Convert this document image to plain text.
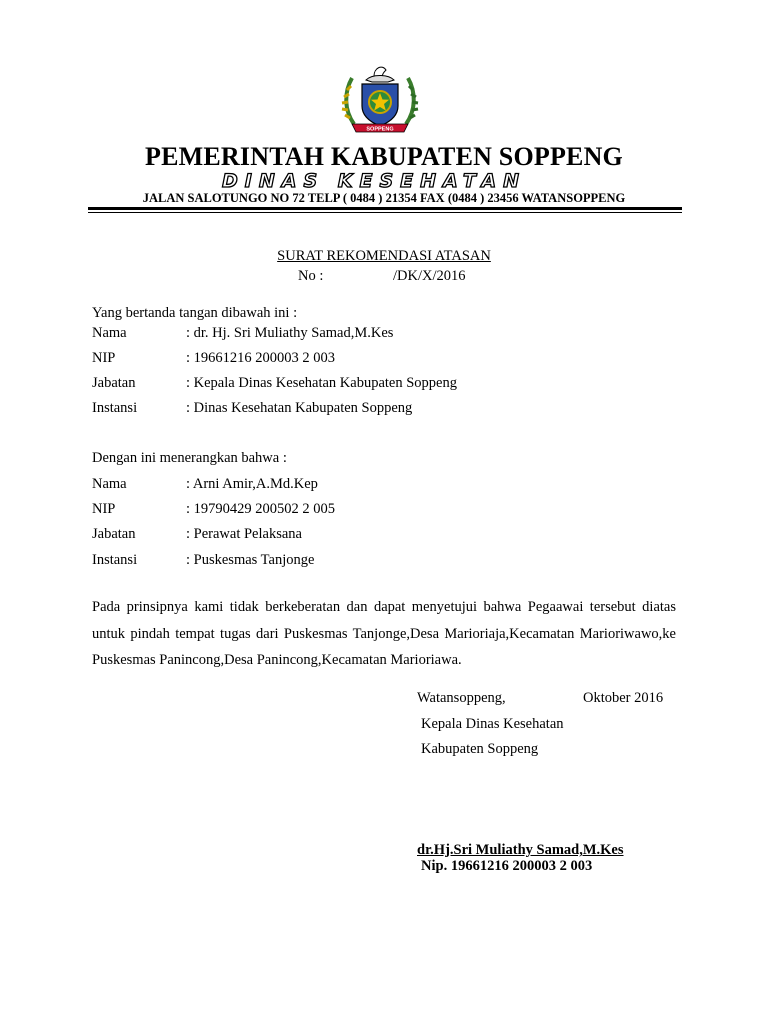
SOPPENG
PEMERINTAH KABUPATEN SOPPENG
DINAS KESEHATAN
JALAN SALOTUNGO NO 72 TELP ( 0484 ) 21354 FAX (0484 ) 23456 WATANSOPPENG
SURAT REKOMENDASI ATASAN
No :	/DK/X/2016
Yang bertanda tangan dibawah ini :
Nama	: dr. Hj. Sri Muliathy Samad,M.Kes
NIP	: 19661216 200003 2 003
Jabatan	: Kepala Dinas Kesehatan Kabupaten Soppeng
Instansi	: Dinas Kesehatan Kabupaten Soppeng
Dengan ini menerangkan bahwa :
Nama	: Arni Amir,A.Md.Kep
NIP	: 19790429 200502 2 005
Jabatan	: Perawat Pelaksana
Instansi	: Puskesmas Tanjonge
Pada prinsipnya kami tidak berkeberatan dan dapat menyetujui bahwa Pegaawai tersebut diatas untuk pindah tempat tugas dari Puskesmas Tanjonge,Desa Marioriaja,Kecamatan Marioriwawo,ke Puskesmas Panincong,Desa Panincong,Kecamatan Marioriawa.
Watansoppeng,	Oktober 2016
Kepala Dinas Kesehatan
Kabupaten Soppeng
dr.Hj.Sri Muliathy Samad,M.Kes
Nip. 19661216 200003 2 003
